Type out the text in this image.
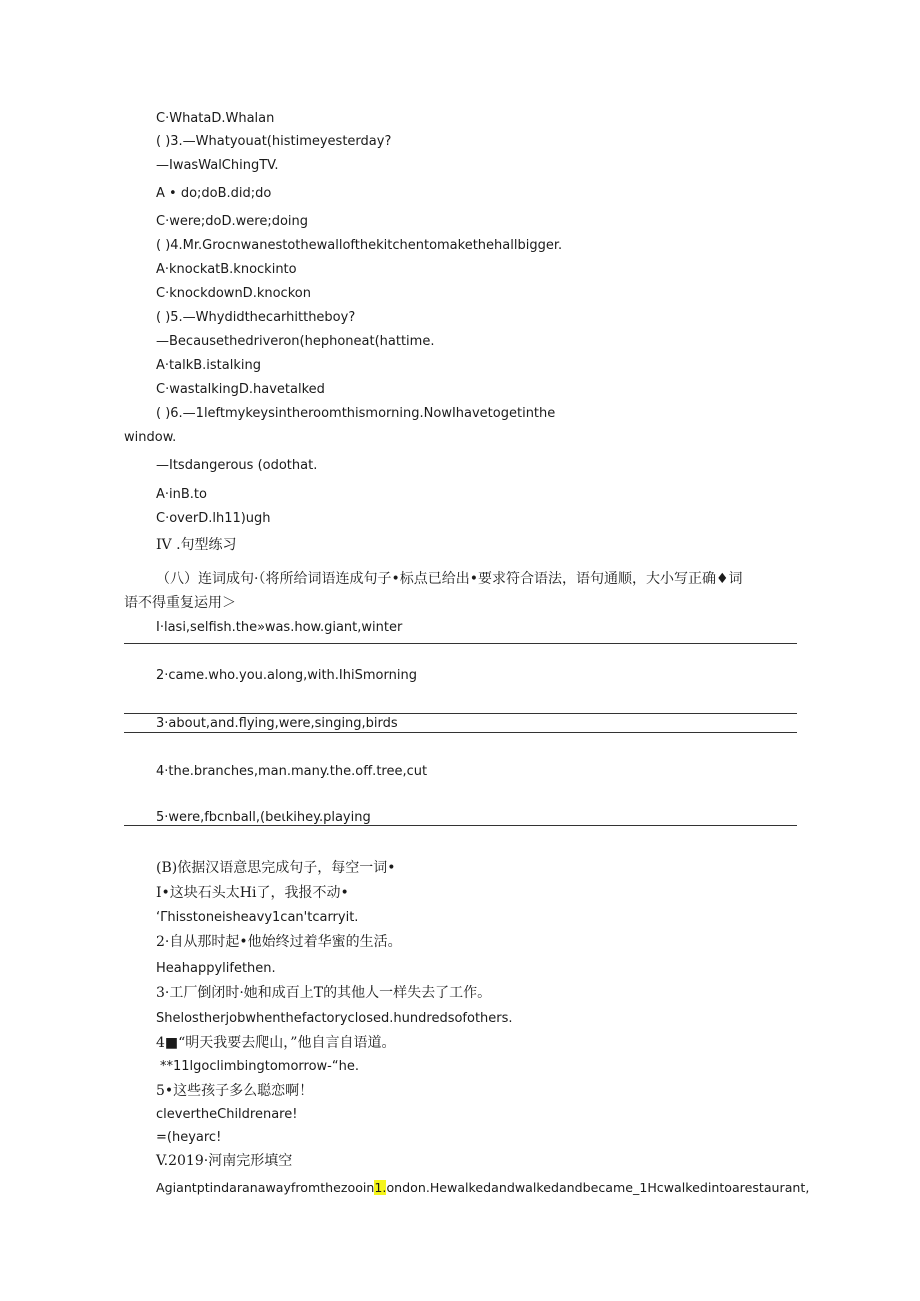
C·WhataD.Whalan
( )3.—Whatyouat(histimeyesterday?
—IwasWalChingTV.
A • do;doB.did;do
C·were;doD.were;doing
( )4.Mr.Grocnwanestothewallofthekitchentomakethehallbigger.
A·knockatB.knockinto
C·knockdownD.knockon
( )5.—Whydidthecarhittheboy?
—Becausethedriveron(hephoneat(hattime.
A·talkB.istalking
C·wastalkingD.havetalked
( )6.—1leftmykeysintheroomthismorning.NowIhavetogetinthe
window.
—Itsdangerous (odothat.
A·inB.to
C·overD.lh11)ugh
IV .句型练习
（八）连词成句·（将所给词语连成句子•标点已给出•要求符合语法，语句通顺，大小写正确♦词
语不得重复运用＞
I·lasi,selfish.the»was.how.giant,winter
2·came.who.you.along,with.IhiSmorning
3·about,and.flying,were,singing,birds
4·the.branches,man.many.the.off.tree,cut
5·were,fbcnball,(beιkihey.playing
(B)依据汉语意思完成句子，每空一词•
I•这块石头太Hi了，我报不动•
‘Γhisstoneisheavy1can'tcarryit.
2·自从那时起•他始终过着华蜜的生活。
Heahappylifethen.
3·工厂倒闭时·她和成百上T的其他人一样失去了工作。
Shelostherjobwhenthefactoryclosed.hundredsofothers.
4■“明天我要去爬山，”他自言自语道。
**11lgoclimbingtomorrow-“he.
5•这些孩子多么聪恋啊！
clevertheChildrenare!
=(heyarc!
V.2019·河南完形填空
Agiantptindaranawayfromthezooin1.ondon.Hewalkedandwalkedandbecame_1Hcwalkedintoarestaurant,
